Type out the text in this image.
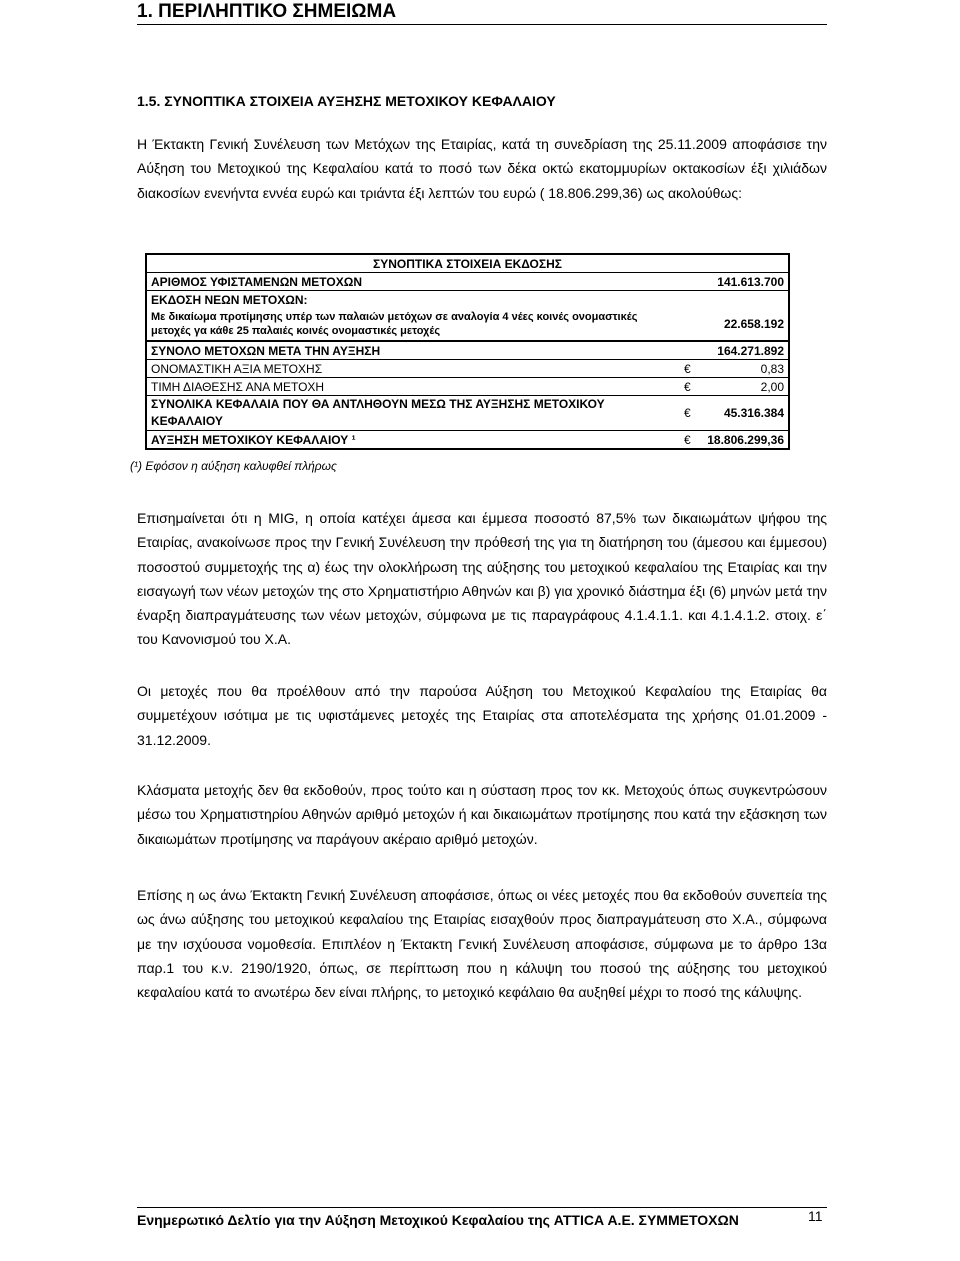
1. ΠΕΡΙΛΗΠΤΙΚΟ ΣΗΜΕΙΩΜΑ
1.5. ΣΥΝΟΠΤΙΚΑ ΣΤΟΙΧΕΙΑ ΑΥΞΗΣΗΣ ΜΕΤΟΧΙΚΟΥ ΚΕΦΑΛΑΙΟΥ

Η Έκτακτη Γενική Συνέλευση των Μετόχων της Εταιρίας, κατά τη συνεδρίαση της 25.11.2009 αποφάσισε την Αύξηση του Μετοχικού της Κεφαλαίου κατά το ποσό των δέκα οκτώ εκατομμυρίων οκτακοσίων έξι χιλιάδων διακοσίων ενενήντα εννέα ευρώ και τριάντα έξι λεπτών του ευρώ ( 18.806.299,36) ως ακολούθως:

ΣΥΝΟΠΤΙΚΑ ΣΤΟΙΧΕΙΑ ΕΚΔΟΣΗΣ	
ΑΡΙΘΜΟΣ ΥΦΙΣΤΑΜΕΝΩΝ ΜΕΤΟΧΩΝ	141.613.700
ΕΚΔΟΣΗ ΝΕΩΝ ΜΕΤΟΧΩΝ:	
Με δικαίωμα προτίμησης υπέρ των παλαιών μετόχων σε αναλογία 4 νέες κοινές ονομαστικές μετοχές γα κάθε 25 παλαιές κοινές ονομαστικές μετοχές	22.658.192
ΣΥΝΟΛΟ ΜΕΤΟΧΩΝ ΜΕΤΑ ΤΗΝ ΑΥΞΗΣΗ	164.271.892
ΟΝΟΜΑΣΤΙΚΗ ΑΞΙΑ ΜΕΤΟΧΗΣ	€ 0,83
ΤΙΜΗ ΔΙΑΘΕΣΗΣ ΑΝΑ ΜΕΤΟΧΗ	€ 2,00
ΣΥΝΟΛΙΚΑ ΚΕΦΑΛΑΙΑ ΠΟΥ ΘΑ ΑΝΤΛΗΘΟΥΝ ΜΕΣΩ ΤΗΣ ΑΥΞΗΣΗΣ ΜΕΤΟΧΙΚΟΥ ΚΕΦΑΛΑΙΟΥ	€ 45.316.384
ΑΥΞΗΣΗ ΜΕΤΟΧΙΚΟΥ ΚΕΦΑΛΑΙΟΥ ¹	€ 18.806.299,36
(¹) Εφόσον η αύξηση καλυφθεί πλήρως

Επισημαίνεται ότι η MIG, η οποία κατέχει άμεσα και έμμεσα ποσοστό 87,5% των δικαιωμάτων ψήφου της Εταιρίας, ανακοίνωσε προς την Γενική Συνέλευση την πρόθεσή της για τη διατήρηση του (άμεσου και έμμεσου) ποσοστού συμμετοχής της α) έως την ολοκλήρωση της αύξησης του μετοχικού κεφαλαίου της Εταιρίας και την εισαγωγή των νέων μετοχών της στο Χρηματιστήριο Αθηνών και β) για χρονικό διάστημα έξι (6) μηνών μετά την έναρξη διαπραγμάτευσης των νέων μετοχών, σύμφωνα με τις παραγράφους 4.1.4.1.1. και 4.1.4.1.2. στοιχ. ε΄ του Κανονισμού του Χ.Α.

Οι μετοχές που θα προέλθουν από την παρούσα Αύξηση του Μετοχικού Κεφαλαίου της Εταιρίας θα συμμετέχουν ισότιμα με τις υφιστάμενες μετοχές της Εταιρίας στα αποτελέσματα της χρήσης 01.01.2009 - 31.12.2009.

Κλάσματα μετοχής δεν θα εκδοθούν, προς τούτο και η σύσταση προς τον κκ. Μετοχούς όπως συγκεντρώσουν μέσω του Χρηματιστηρίου Αθηνών αριθμό μετοχών ή και δικαιωμάτων προτίμησης που κατά την εξάσκηση των δικαιωμάτων προτίμησης να παράγουν ακέραιο αριθμό μετοχών.

Επίσης η ως άνω Έκτακτη Γενική Συνέλευση αποφάσισε, όπως οι νέες μετοχές που θα εκδοθούν συνεπεία της ως άνω αύξησης του μετοχικού κεφαλαίου της Εταιρίας εισαχθούν προς διαπραγμάτευση στο Χ.Α., σύμφωνα με την ισχύουσα νομοθεσία. Επιπλέον η Έκτακτη Γενική Συνέλευση αποφάσισε, σύμφωνα με το άρθρο 13α παρ.1 του κ.ν. 2190/1920, όπως, σε περίπτωση που η κάλυψη του ποσού της αύξησης του μετοχικού κεφαλαίου κατά το ανωτέρω δεν είναι πλήρης, το μετοχικό κεφάλαιο θα αυξηθεί μέχρι το ποσό της κάλυψης.

Ενημερωτικό Δελτίο για την Αύξηση Μετοχικού Κεφαλαίου της ATTICA Α.Ε. ΣΥΜΜΕΤΟΧΩΝ	11
